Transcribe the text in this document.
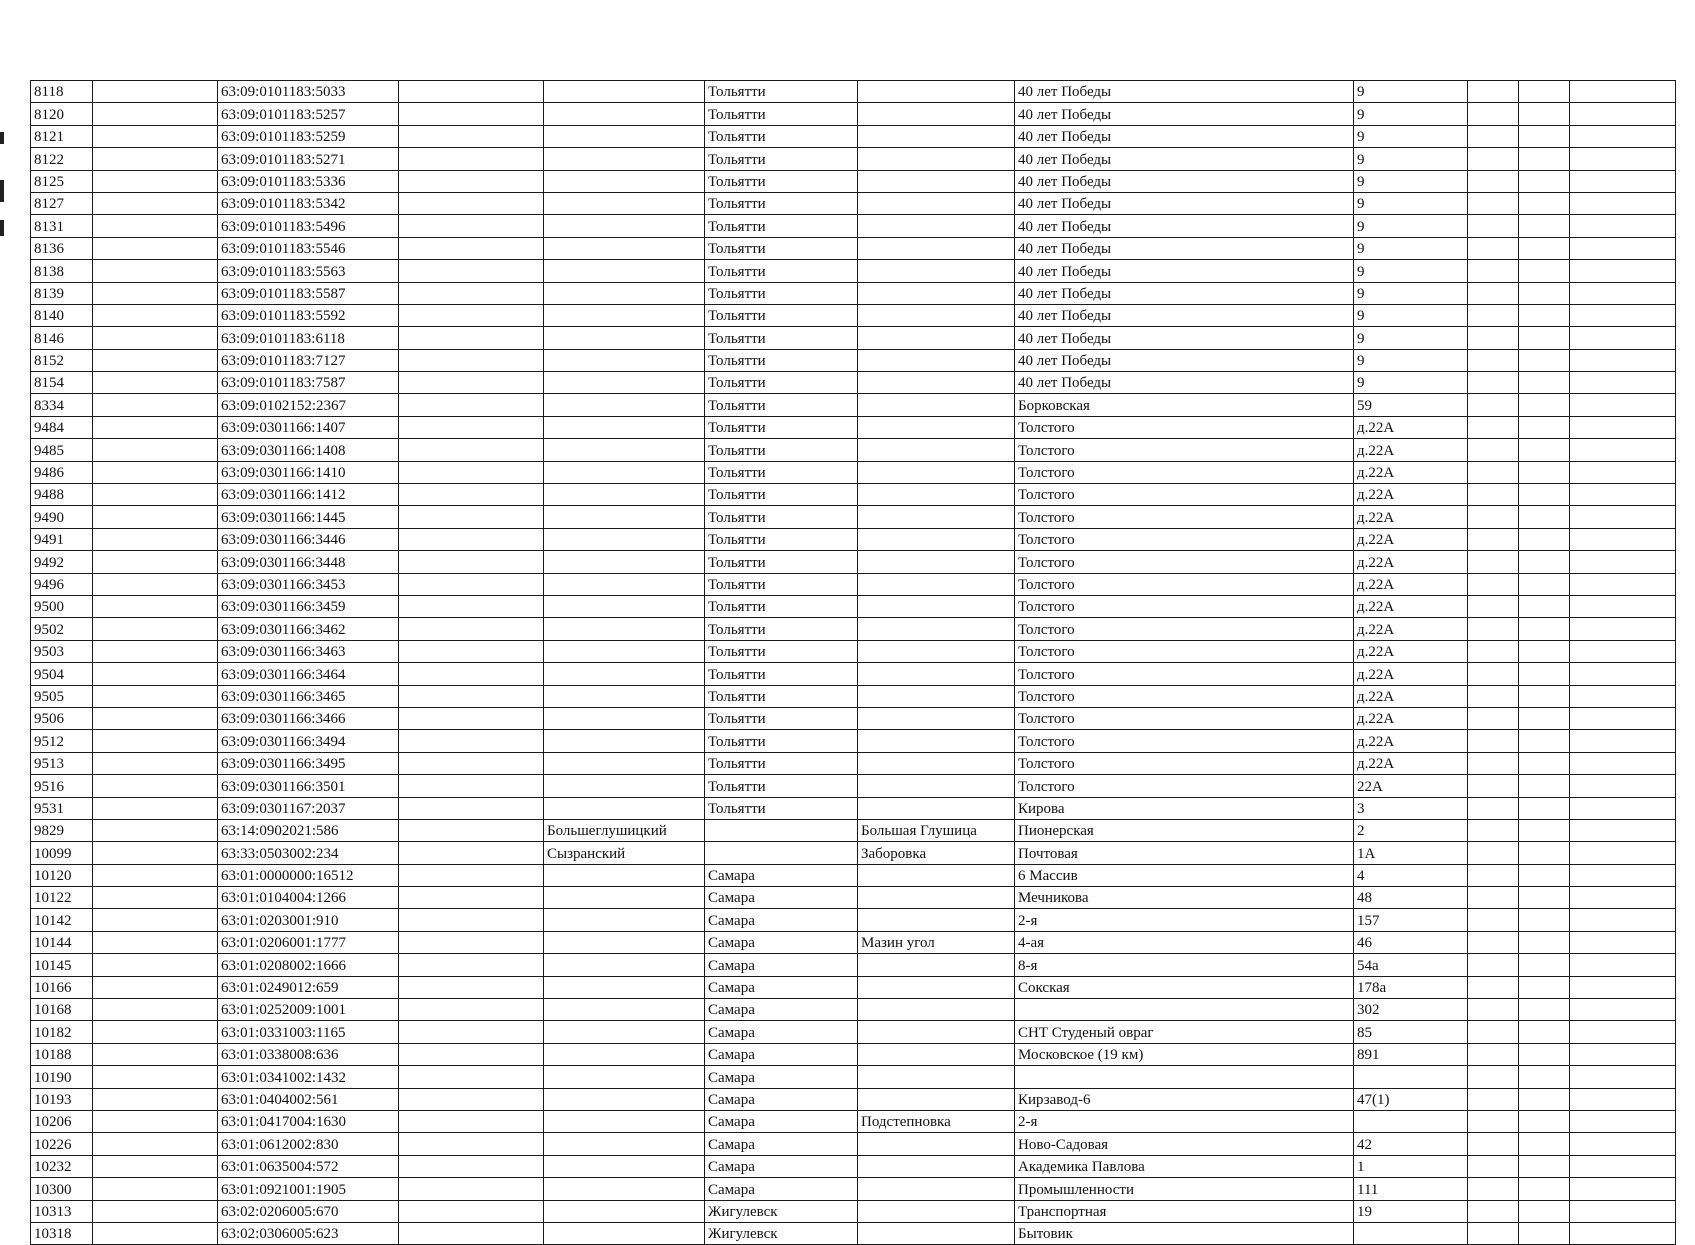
8118		63:09:0101183:5033			Тольятти		40 лет Победы	9			
8120		63:09:0101183:5257			Тольятти		40 лет Победы	9			
8121		63:09:0101183:5259			Тольятти		40 лет Победы	9			
8122		63:09:0101183:5271			Тольятти		40 лет Победы	9			
8125		63:09:0101183:5336			Тольятти		40 лет Победы	9			
8127		63:09:0101183:5342			Тольятти		40 лет Победы	9			
8131		63:09:0101183:5496			Тольятти		40 лет Победы	9			
8136		63:09:0101183:5546			Тольятти		40 лет Победы	9			
8138		63:09:0101183:5563			Тольятти		40 лет Победы	9			
8139		63:09:0101183:5587			Тольятти		40 лет Победы	9			
8140		63:09:0101183:5592			Тольятти		40 лет Победы	9			
8146		63:09:0101183:6118			Тольятти		40 лет Победы	9			
8152		63:09:0101183:7127			Тольятти		40 лет Победы	9			
8154		63:09:0101183:7587			Тольятти		40 лет Победы	9			
8334		63:09:0102152:2367			Тольятти		Борковская	59			
9484		63:09:0301166:1407			Тольятти		Толстого	д.22А			
9485		63:09:0301166:1408			Тольятти		Толстого	д.22А			
9486		63:09:0301166:1410			Тольятти		Толстого	д.22А			
9488		63:09:0301166:1412			Тольятти		Толстого	д.22А			
9490		63:09:0301166:1445			Тольятти		Толстого	д.22А			
9491		63:09:0301166:3446			Тольятти		Толстого	д.22А			
9492		63:09:0301166:3448			Тольятти		Толстого	д.22А			
9496		63:09:0301166:3453			Тольятти		Толстого	д.22А			
9500		63:09:0301166:3459			Тольятти		Толстого	д.22А			
9502		63:09:0301166:3462			Тольятти		Толстого	д.22А			
9503		63:09:0301166:3463			Тольятти		Толстого	д.22А			
9504		63:09:0301166:3464			Тольятти		Толстого	д.22А			
9505		63:09:0301166:3465			Тольятти		Толстого	д.22А			
9506		63:09:0301166:3466			Тольятти		Толстого	д.22А			
9512		63:09:0301166:3494			Тольятти		Толстого	д.22А			
9513		63:09:0301166:3495			Тольятти		Толстого	д.22А			
9516		63:09:0301166:3501			Тольятти		Толстого	22А			
9531		63:09:0301167:2037			Тольятти		Кирова	3			
9829		63:14:0902021:586		Большеглушицкий		Большая Глушица	Пионерская	2			
10099		63:33:0503002:234		Сызранский		Заборовка	Почтовая	1А			
10120		63:01:0000000:16512			Самара		6 Массив	4			
10122		63:01:0104004:1266			Самара		Мечникова	48			
10142		63:01:0203001:910			Самара		2-я	157			
10144		63:01:0206001:1777			Самара	Мазин угол	4-ая	46			
10145		63:01:0208002:1666			Самара		8-я	54а			
10166		63:01:0249012:659			Самара		Сокская	178а			
10168		63:01:0252009:1001			Самара			302			
10182		63:01:0331003:1165			Самара		СНТ Студеный овраг	85			
10188		63:01:0338008:636			Самара		Московское (19 км)	891			
10190		63:01:0341002:1432			Самара						
10193		63:01:0404002:561			Самара		Кирзавод-6	47(1)			
10206		63:01:0417004:1630			Самара	Подстепновка	2-я				
10226		63:01:0612002:830			Самара		Ново-Садовая	42			
10232		63:01:0635004:572			Самара		Академика Павлова	1			
10300		63:01:0921001:1905			Самара		Промышленности	111			
10313		63:02:0206005:670			Жигулевск		Транспортная	19			
10318		63:02:0306005:623			Жигулевск		Бытовик				
